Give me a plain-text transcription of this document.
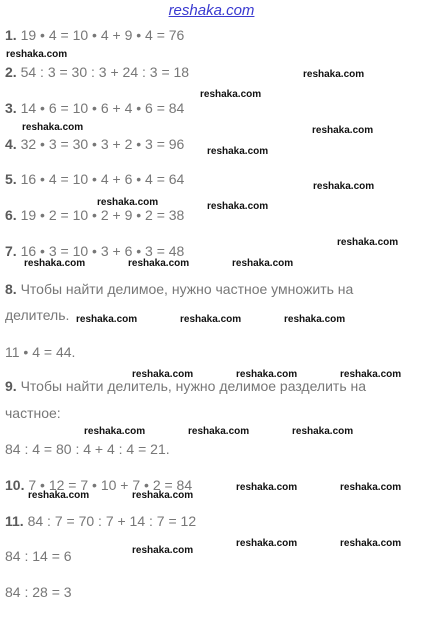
reshaka.com
1. 19 • 4 = 10 • 4 + 9 • 4 = 76
2. 54 : 3 = 30 : 3 + 24 : 3 = 18
3. 14 • 6 = 10 • 6 + 4 • 6 = 84
4. 32 • 3 = 30 • 3 + 2 • 3 = 96
5. 16 • 4 = 10 • 4 + 6 • 4 = 64
6. 19 • 2 = 10 • 2 + 9 • 2 = 38
7. 16 • 3 = 10 • 3 + 6 • 3 = 48
8. Чтобы найти делимое, нужно частное умножить на
делитель.
11 • 4 = 44.
9. Чтобы найти делитель, нужно делимое разделить на
частное:
84 : 4 = 80 : 4 + 4 : 4 = 21.
10. 7 • 12 = 7 • 10 + 7 • 2 = 84
11. 84 : 7 = 70 : 7 + 14 : 7 = 12
84 : 14 = 6
84 : 28 = 3
reshaka.com
reshaka.com
reshaka.com
reshaka.com	reshaka.com
reshaka.com
reshaka.com
reshaka.com	reshaka.com
reshaka.com
reshaka.com	reshaka.com	reshaka.com
reshaka.com	reshaka.com	reshaka.com
reshaka.com	reshaka.com	reshaka.com
reshaka.com	reshaka.com	reshaka.com
reshaka.com	reshaka.com
reshaka.com	reshaka.com
reshaka.com	reshaka.com
reshaka.com
